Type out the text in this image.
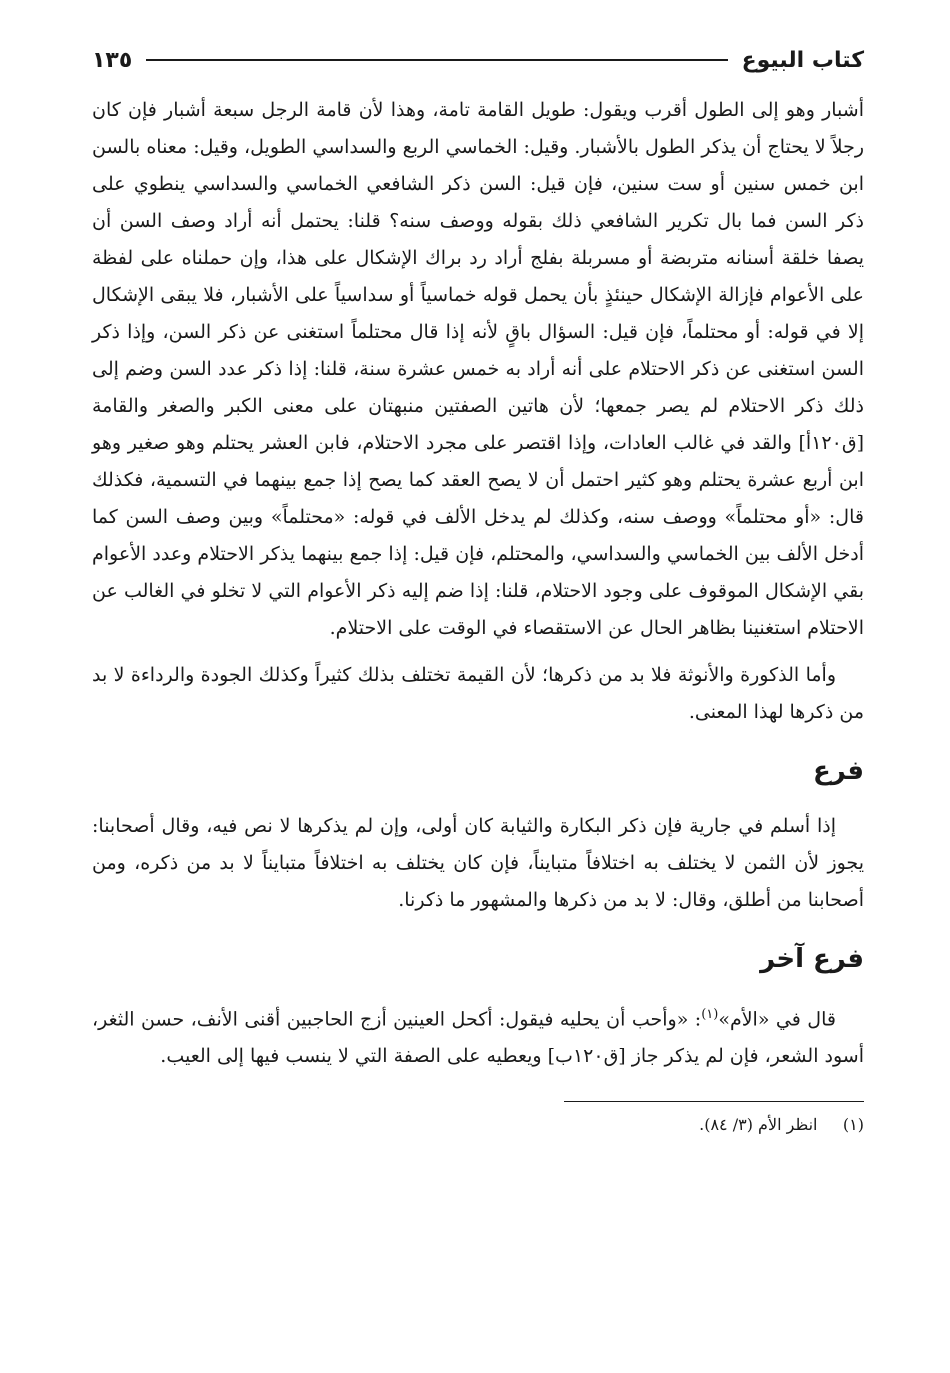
كتاب البيوع
١٣٥

أشبار وهو إلى الطول أقرب ويقول: طويل القامة تامة، وهذا لأن قامة الرجل سبعة أشبار فإن كان رجلاً لا يحتاج أن يذكر الطول بالأشبار. وقيل: الخماسي الربع والسداسي الطويل، وقيل: معناه بالسن ابن خمس سنين أو ست سنين، فإن قيل: السن ذكر الشافعي الخماسي والسداسي ينطوي على ذكر السن فما بال تكرير الشافعي ذلك بقوله ووصف سنه؟ قلنا: يحتمل أنه أراد وصف السن أن يصفا خلقة أسنانه متربضة أو مسربلة بفلج أراد رد براك الإشكال على هذا، وإن حملناه على لفظة على الأعوام فإزالة الإشكال حينئذٍ بأن يحمل قوله خماسياً أو سداسياً على الأشبار، فلا يبقى الإشكال إلا في قوله: أو محتلماً، فإن قيل: السؤال باقٍ لأنه إذا قال محتلماً استغنى عن ذكر السن، وإذا ذكر السن استغنى عن ذكر الاحتلام على أنه أراد به خمس عشرة سنة، قلنا: إذا ذكر عدد السن وضم إلى ذلك ذكر الاحتلام لم يصر جمعها؛ لأن هاتين الصفتين منبهتان على معنى الكبر والصغر والقامة [ق١٢٠أ] والقد في غالب العادات، وإذا اقتصر على مجرد الاحتلام، فابن العشر يحتلم وهو صغير وهو ابن أربع عشرة يحتلم وهو كثير احتمل أن لا يصح العقد كما يصح إذا جمع بينهما في التسمية، فكذلك قال: «أو محتلماً» ووصف سنه، وكذلك لم يدخل الألف في قوله: «محتلماً» وبين وصف السن كما أدخل الألف بين الخماسي والسداسي، والمحتلم، فإن قيل: إذا جمع بينهما يذكر الاحتلام وعدد الأعوام بقي الإشكال الموقوف على وجود الاحتلام، قلنا: إذا ضم إليه ذكر الأعوام التي لا تخلو في الغالب عن الاحتلام استغنينا بظاهر الحال عن الاستقصاء في الوقت على الاحتلام.

وأما الذكورة والأنوثة فلا بد من ذكرها؛ لأن القيمة تختلف بذلك كثيراً وكذلك الجودة والرداءة لا بد من ذكرها لهذا المعنى.

فرع

إذا أسلم في جارية فإن ذكر البكارة والثيابة كان أولى، وإن لم يذكرها لا نص فيه، وقال أصحابنا: يجوز لأن الثمن لا يختلف به اختلافاً متبايناً، فإن كان يختلف به اختلافاً متبايناً لا بد من ذكره، ومن أصحابنا من أطلق، وقال: لا بد من ذكرها والمشهور ما ذكرنا.

فرع آخر

قال في «الأم»$^{(١)}$: «وأحب أن يحليه فيقول: أكحل العينين أزج الحاجبين أقنى الأنف، حسن الثغر، أسود الشعر، فإن لم يذكر جاز [ق١٢٠ب] ويعطيه على الصفة التي لا ينسب فيها إلى العيب.

(١)     انظر الأم (٣/ ٨٤).
